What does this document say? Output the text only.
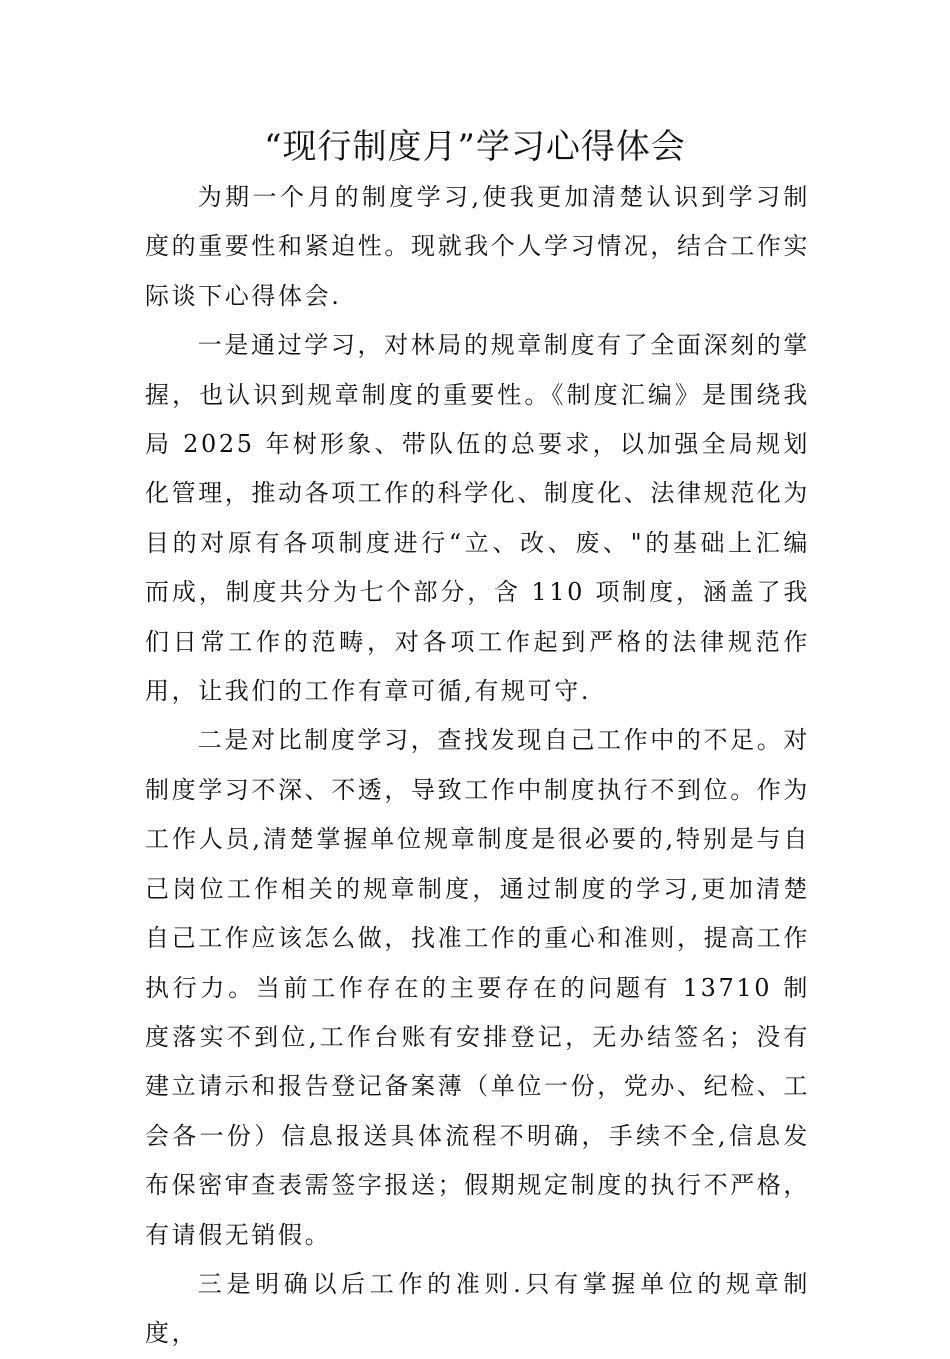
“现行制度月”学习心得体会

为期一个月的制度学习,使我更加清楚认识到学习制度的重要性和紧迫性。现就我个人学习情况，结合工作实际谈下心得体会.

一是通过学习，对林局的规章制度有了全面深刻的掌握，也认识到规章制度的重要性。《制度汇编》是围绕我局 2025 年树形象、带队伍的总要求，以加强全局规划化管理，推动各项工作的科学化、制度化、法律规范化为目的对原有各项制度进行“立、改、废、"的基础上汇编而成，制度共分为七个部分，含 110 项制度，涵盖了我们日常工作的范畴，对各项工作起到严格的法律规范作用，让我们的工作有章可循,有规可守.

二是对比制度学习，查找发现自己工作中的不足。对制度学习不深、不透，导致工作中制度执行不到位。作为工作人员,清楚掌握单位规章制度是很必要的,特别是与自己岗位工作相关的规章制度，通过制度的学习,更加清楚自己工作应该怎么做，找准工作的重心和准则，提高工作执行力。当前工作存在的主要存在的问题有 13710 制度落实不到位,工作台账有安排登记，无办结签名；没有建立请示和报告登记备案薄（单位一份，党办、纪检、工会各一份）信息报送具体流程不明确，手续不全,信息发布保密审查表需签字报送；假期规定制度的执行不严格，有请假无销假。

三是明确以后工作的准则.只有掌握单位的规章制度，
